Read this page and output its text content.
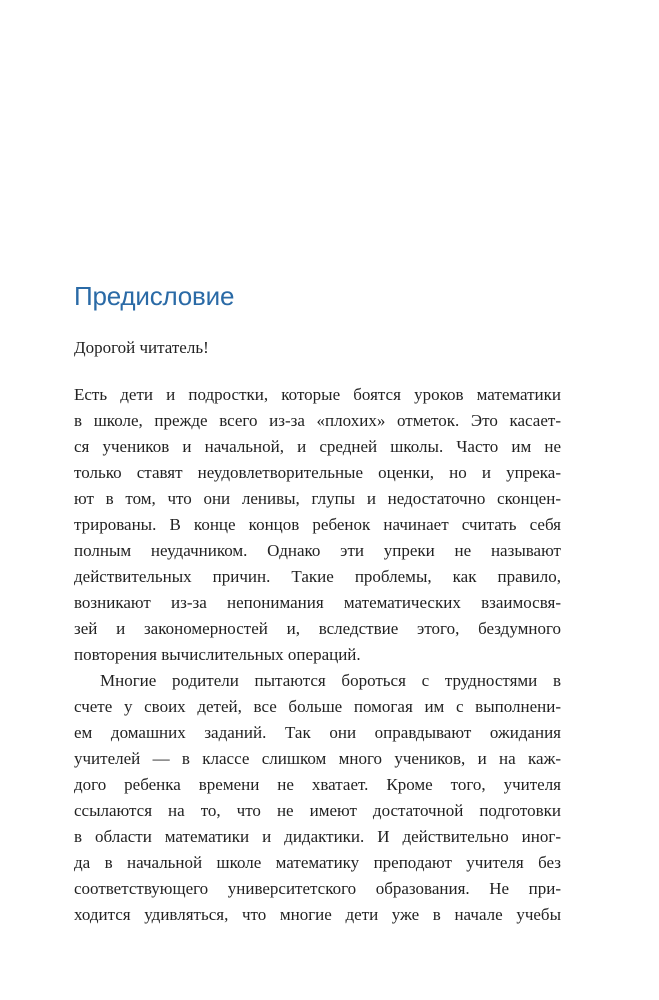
Предисловие

Дорогой читатель!

Есть дети и подростки, которые боятся уроков математики
в школе, прежде всего из-за «плохих» отметок. Это касает-
ся учеников и начальной, и средней школы. Часто им не
только ставят неудовлетворительные оценки, но и упрека-
ют в том, что они ленивы, глупы и недостаточно сконцен-
трированы. В конце концов ребенок начинает считать себя
полным неудачником. Однако эти упреки не называют
действительных причин. Такие проблемы, как правило,
возникают из-за непонимания математических взаимосвя-
зей и закономерностей и, вследствие этого, бездумного
повторения вычислительных операций.
Многие родители пытаются бороться с трудностями в
счете у своих детей, все больше помогая им с выполнени-
ем домашних заданий. Так они оправдывают ожидания
учителей — в классе слишком много учеников, и на каж-
дого ребенка времени не хватает. Кроме того, учителя
ссылаются на то, что не имеют достаточной подготовки
в области математики и дидактики. И действительно иног-
да в начальной школе математику преподают учителя без
соответствующего университетского образования. Не при-
ходится удивляться, что многие дети уже в начале учебы
